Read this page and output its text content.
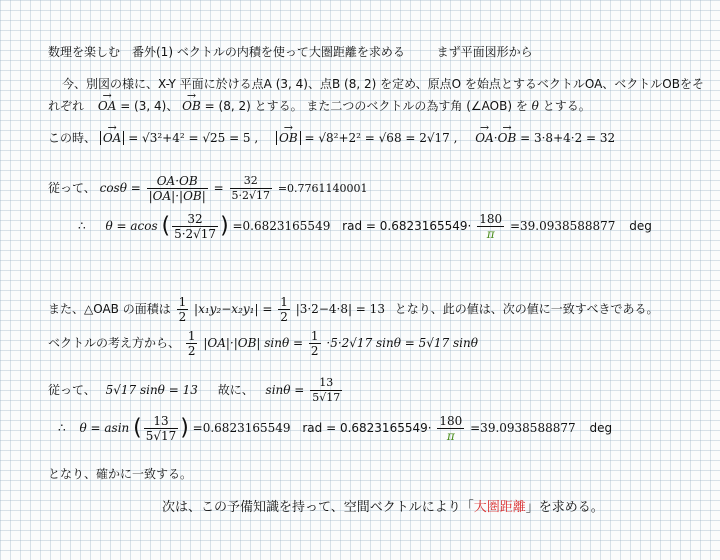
数理を楽しむ　番外(1) ベクトルの内積を使って大圏距離を求める	まず平面図形から
今、別図の様に、X-Y 平面に於ける点A (3, 4)、点B (8, 2) を定め、原点O を始点とするベクトルOA、ベクトルOBをそ
れぞれ → OA = (3, 4)、 → OB = (8, 2) とする。 また二つのベクトルの為す角 (∠AOB) を θ とする。
この時、 → OA = √3²+4² = √25 = 5 , → OB = √8²+2² = √68 = 2√17 , → OA·→ OB = 3·8+4·2 = 32
従って、 $\cos\theta = \frac{OA\cdot OB}{|OA|\cdot|OB|} = \frac{32}{5\cdot 2√17} =0.7761140001$
∴ θ = acos ( $\frac{32}{5\cdot 2√17}$ ) =0.6823165549 rad = $0.6823165549\cdot \frac{180}{\pi} =39.0938588877$ deg
また、△OAB の面積は $\frac{1}{2} |x_1y_2-x_2y_1| = \frac{1}{2} |3\cdot 2-4\cdot 8| = 13$ となり、此の値は、次の値に一致すべきである。
ベクトルの考え方から、 $\frac{1}{2} |OA|\cdot|OB|$ $\sin\theta = \frac{1}{2} \cdot 5\cdot 2√17$ sinθ = 5√17 sinθ
従って、 5√17 sinθ = 13 故に、 $\sin\theta = \frac{13}{5√17}$
∴ θ = asin ( $\frac{13}{5√17}$ ) =0.6823165549 rad = $0.6823165549\cdot \frac{180}{\pi} =39.0938588877$ deg
となり、確かに一致する。
次は、この予備知識を持って、空間ベクトルにより「大圏距離」を求める。
